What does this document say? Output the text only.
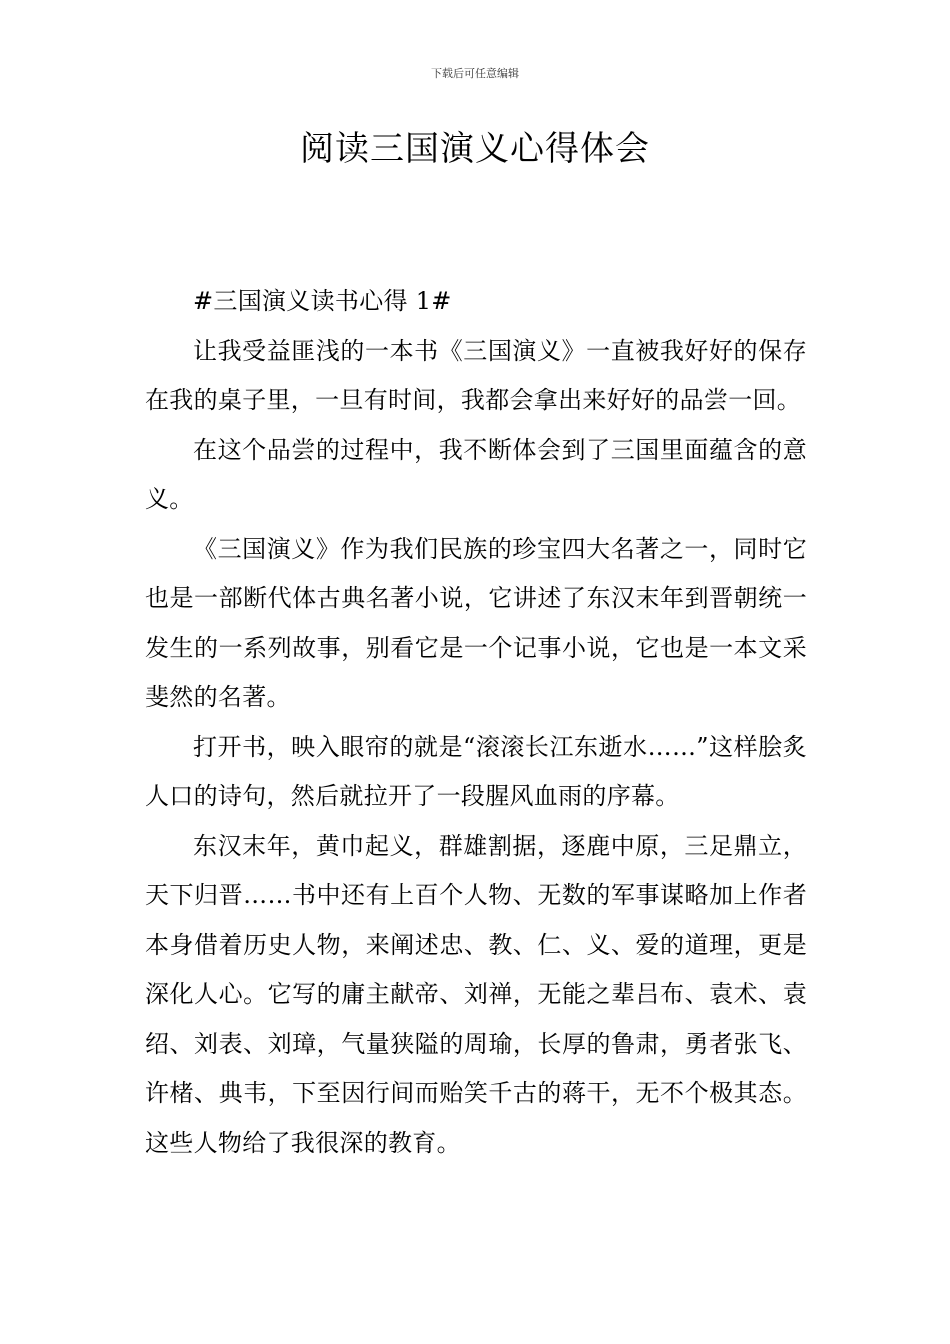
下载后可任意编辑
阅读三国演义心得体会

#三国演义读书心得 1#

让我受益匪浅的一本书《三国演义》一直被我好好的保存在我的桌子里，一旦有时间，我都会拿出来好好的品尝一回。

在这个品尝的过程中，我不断体会到了三国里面蕴含的意义。

《三国演义》作为我们民族的珍宝四大名著之一，同时它也是一部断代体古典名著小说，它讲述了东汉末年到晋朝统一发生的一系列故事，别看它是一个记事小说，它也是一本文采斐然的名著。

打开书，映入眼帘的就是“滚滚长江东逝水……”这样脍炙人口的诗句，然后就拉开了一段腥风血雨的序幕。

东汉末年，黄巾起义，群雄割据，逐鹿中原，三足鼎立，天下归晋……书中还有上百个人物、无数的军事谋略加上作者本身借着历史人物，来阐述忠、教、仁、义、爱的道理，更是深化人心。它写的庸主献帝、刘禅，无能之辈吕布、袁术、袁绍、刘表、刘璋，气量狭隘的周瑜，长厚的鲁肃，勇者张飞、许楮、典韦，下至因行间而贻笑千古的蒋干，无不个极其态。这些人物给了我很深的教育。
